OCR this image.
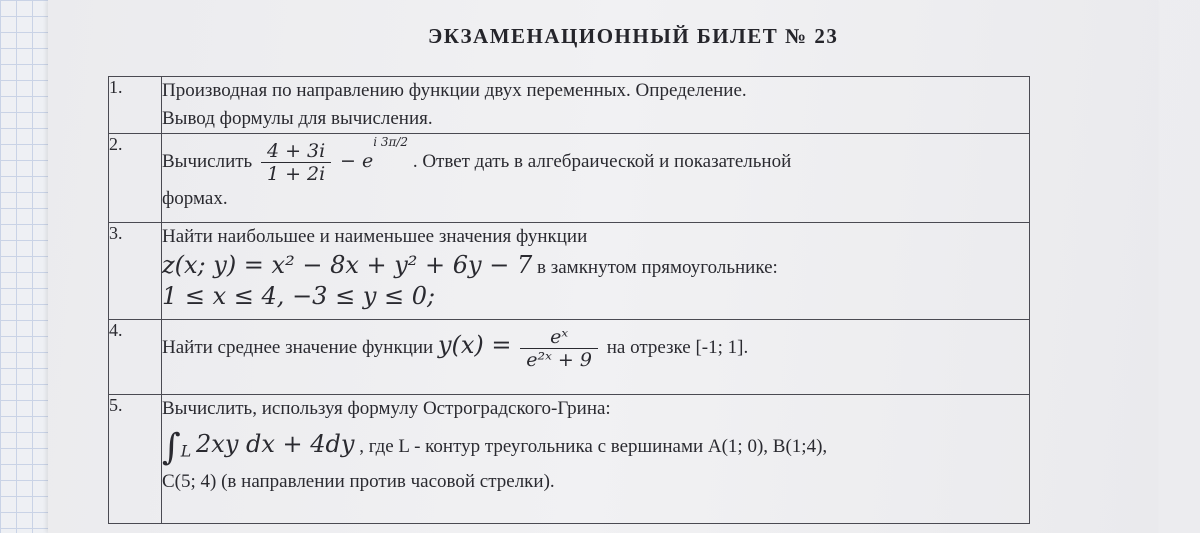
ЭКЗАМЕНАЦИОННЫЙ БИЛЕТ № 23
1.	Производная по направлению функции двух переменных. Определение.
Вывод формулы для вычисления.

2.	Вычислить $\frac{4 + 3i}{1 + 2i} - e^{i 3\pi/2}$ . Ответ дать в алгебраической и показательной
формах.

3.	Найти наибольшее и наименьшее значения функции
z(x; y) = x² − 8x + y² + 6y − 7 в замкнутом прямоугольнике:
1 ≤ x ≤ 4, −3 ≤ y ≤ 0;

4.	Найти среднее значение функции $y(x) = \frac{\text{eˣ}}{\text{e²ˣ + 9}}$ на отрезке [-1; 1].

5.	Вычислить, используя формулу Остроградского-Грина:
$\int_L$ 2xy dx + 4dy , где L - контур треугольника с вершинами A(1; 0), B(1;4),
C(5; 4) (в направлении против часовой стрелки).
